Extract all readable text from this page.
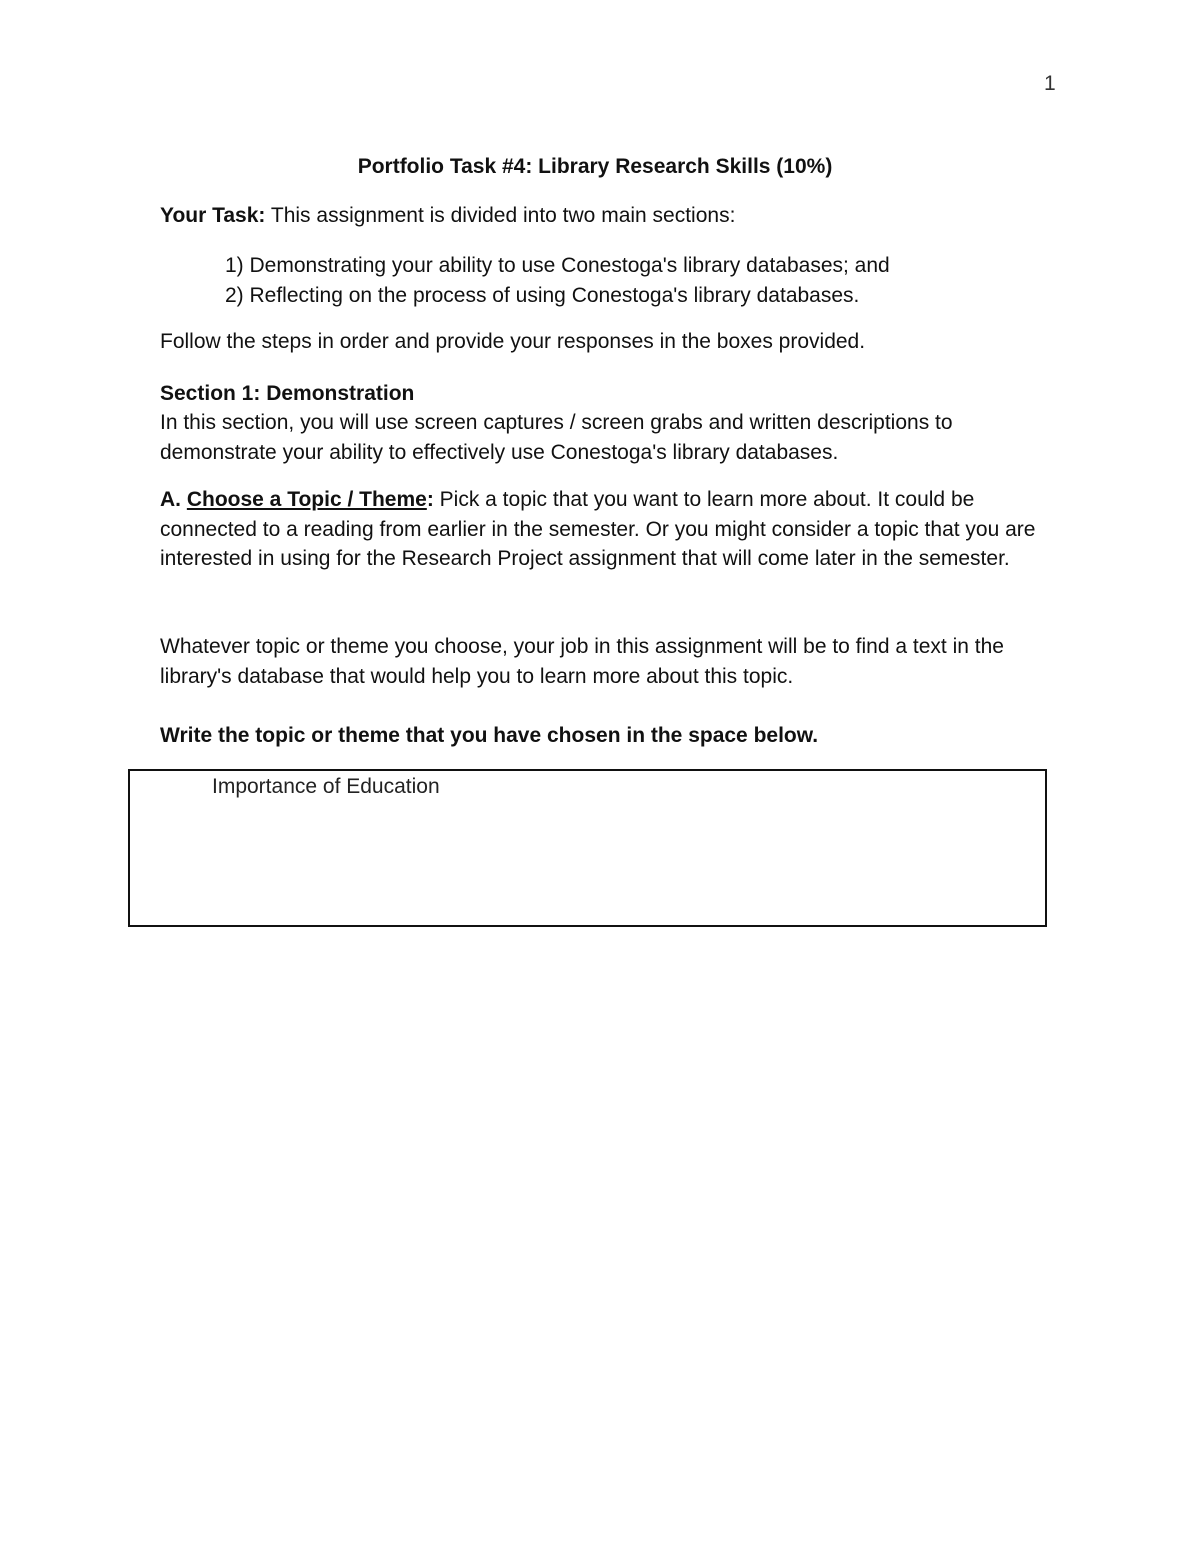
1
Portfolio Task #4: Library Research Skills (10%)
Your Task: This assignment is divided into two main sections:
1) Demonstrating your ability to use Conestoga's library databases; and
2) Reflecting on the process of using Conestoga's library databases.
Follow the steps in order and provide your responses in the boxes provided.
Section 1: Demonstration
In this section, you will use screen captures / screen grabs and written descriptions to demonstrate your ability to effectively use Conestoga's library databases.
A. Choose a Topic / Theme: Pick a topic that you want to learn more about. It could be connected to a reading from earlier in the semester. Or you might consider a topic that you are interested in using for the Research Project assignment that will come later in the semester.
Whatever topic or theme you choose, your job in this assignment will be to find a text in the library's database that would help you to learn more about this topic.
Write the topic or theme that you have chosen in the space below.
Importance of Education
